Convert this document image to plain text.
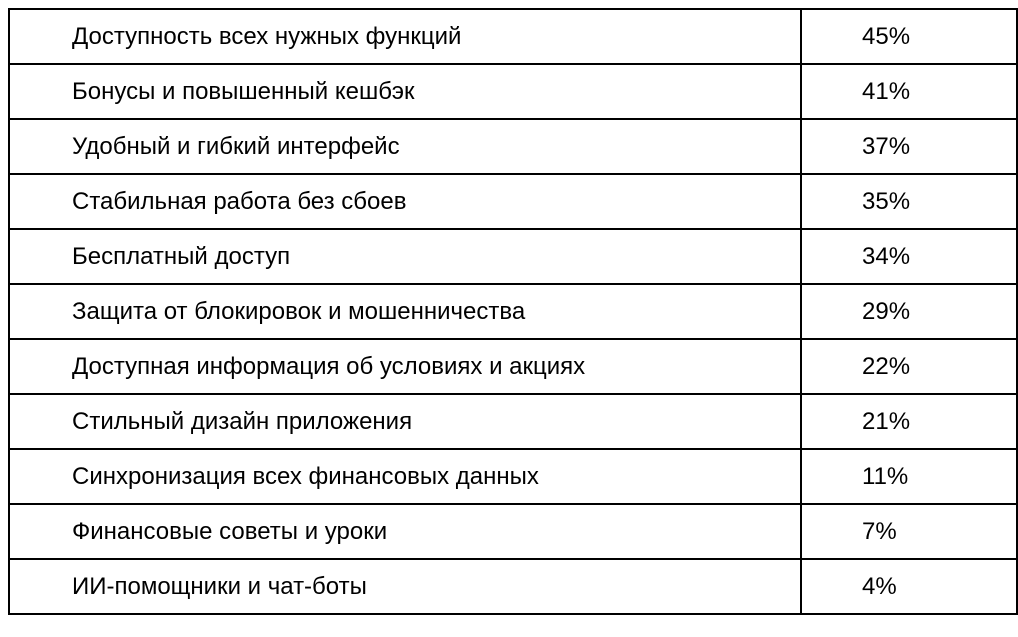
Доступность всех нужных функций	45%
Бонусы и повышенный кешбэк	41%
Удобный и гибкий интерфейс	37%
Стабильная работа без сбоев	35%
Бесплатный доступ	34%
Защита от блокировок и мошенничества	29%
Доступная информация об условиях и акциях	22%
Стильный дизайн приложения	21%
Синхронизация всех финансовых данных	11%
Финансовые советы и уроки	7%
ИИ-помощники и чат-боты	4%
